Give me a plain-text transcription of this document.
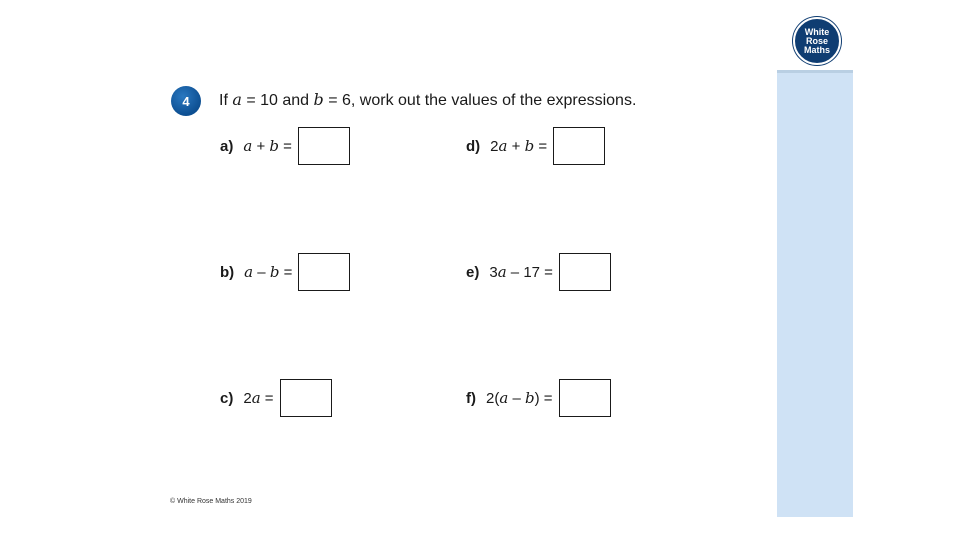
White
Rose
Maths
4 If a = 10 and b = 6, work out the values of the expressions.
a) a + b =
b) a – b =
c) 2a =
d) 2a + b =
e) 3a – 17 =
f) 2(a – b) =
© White Rose Maths 2019
